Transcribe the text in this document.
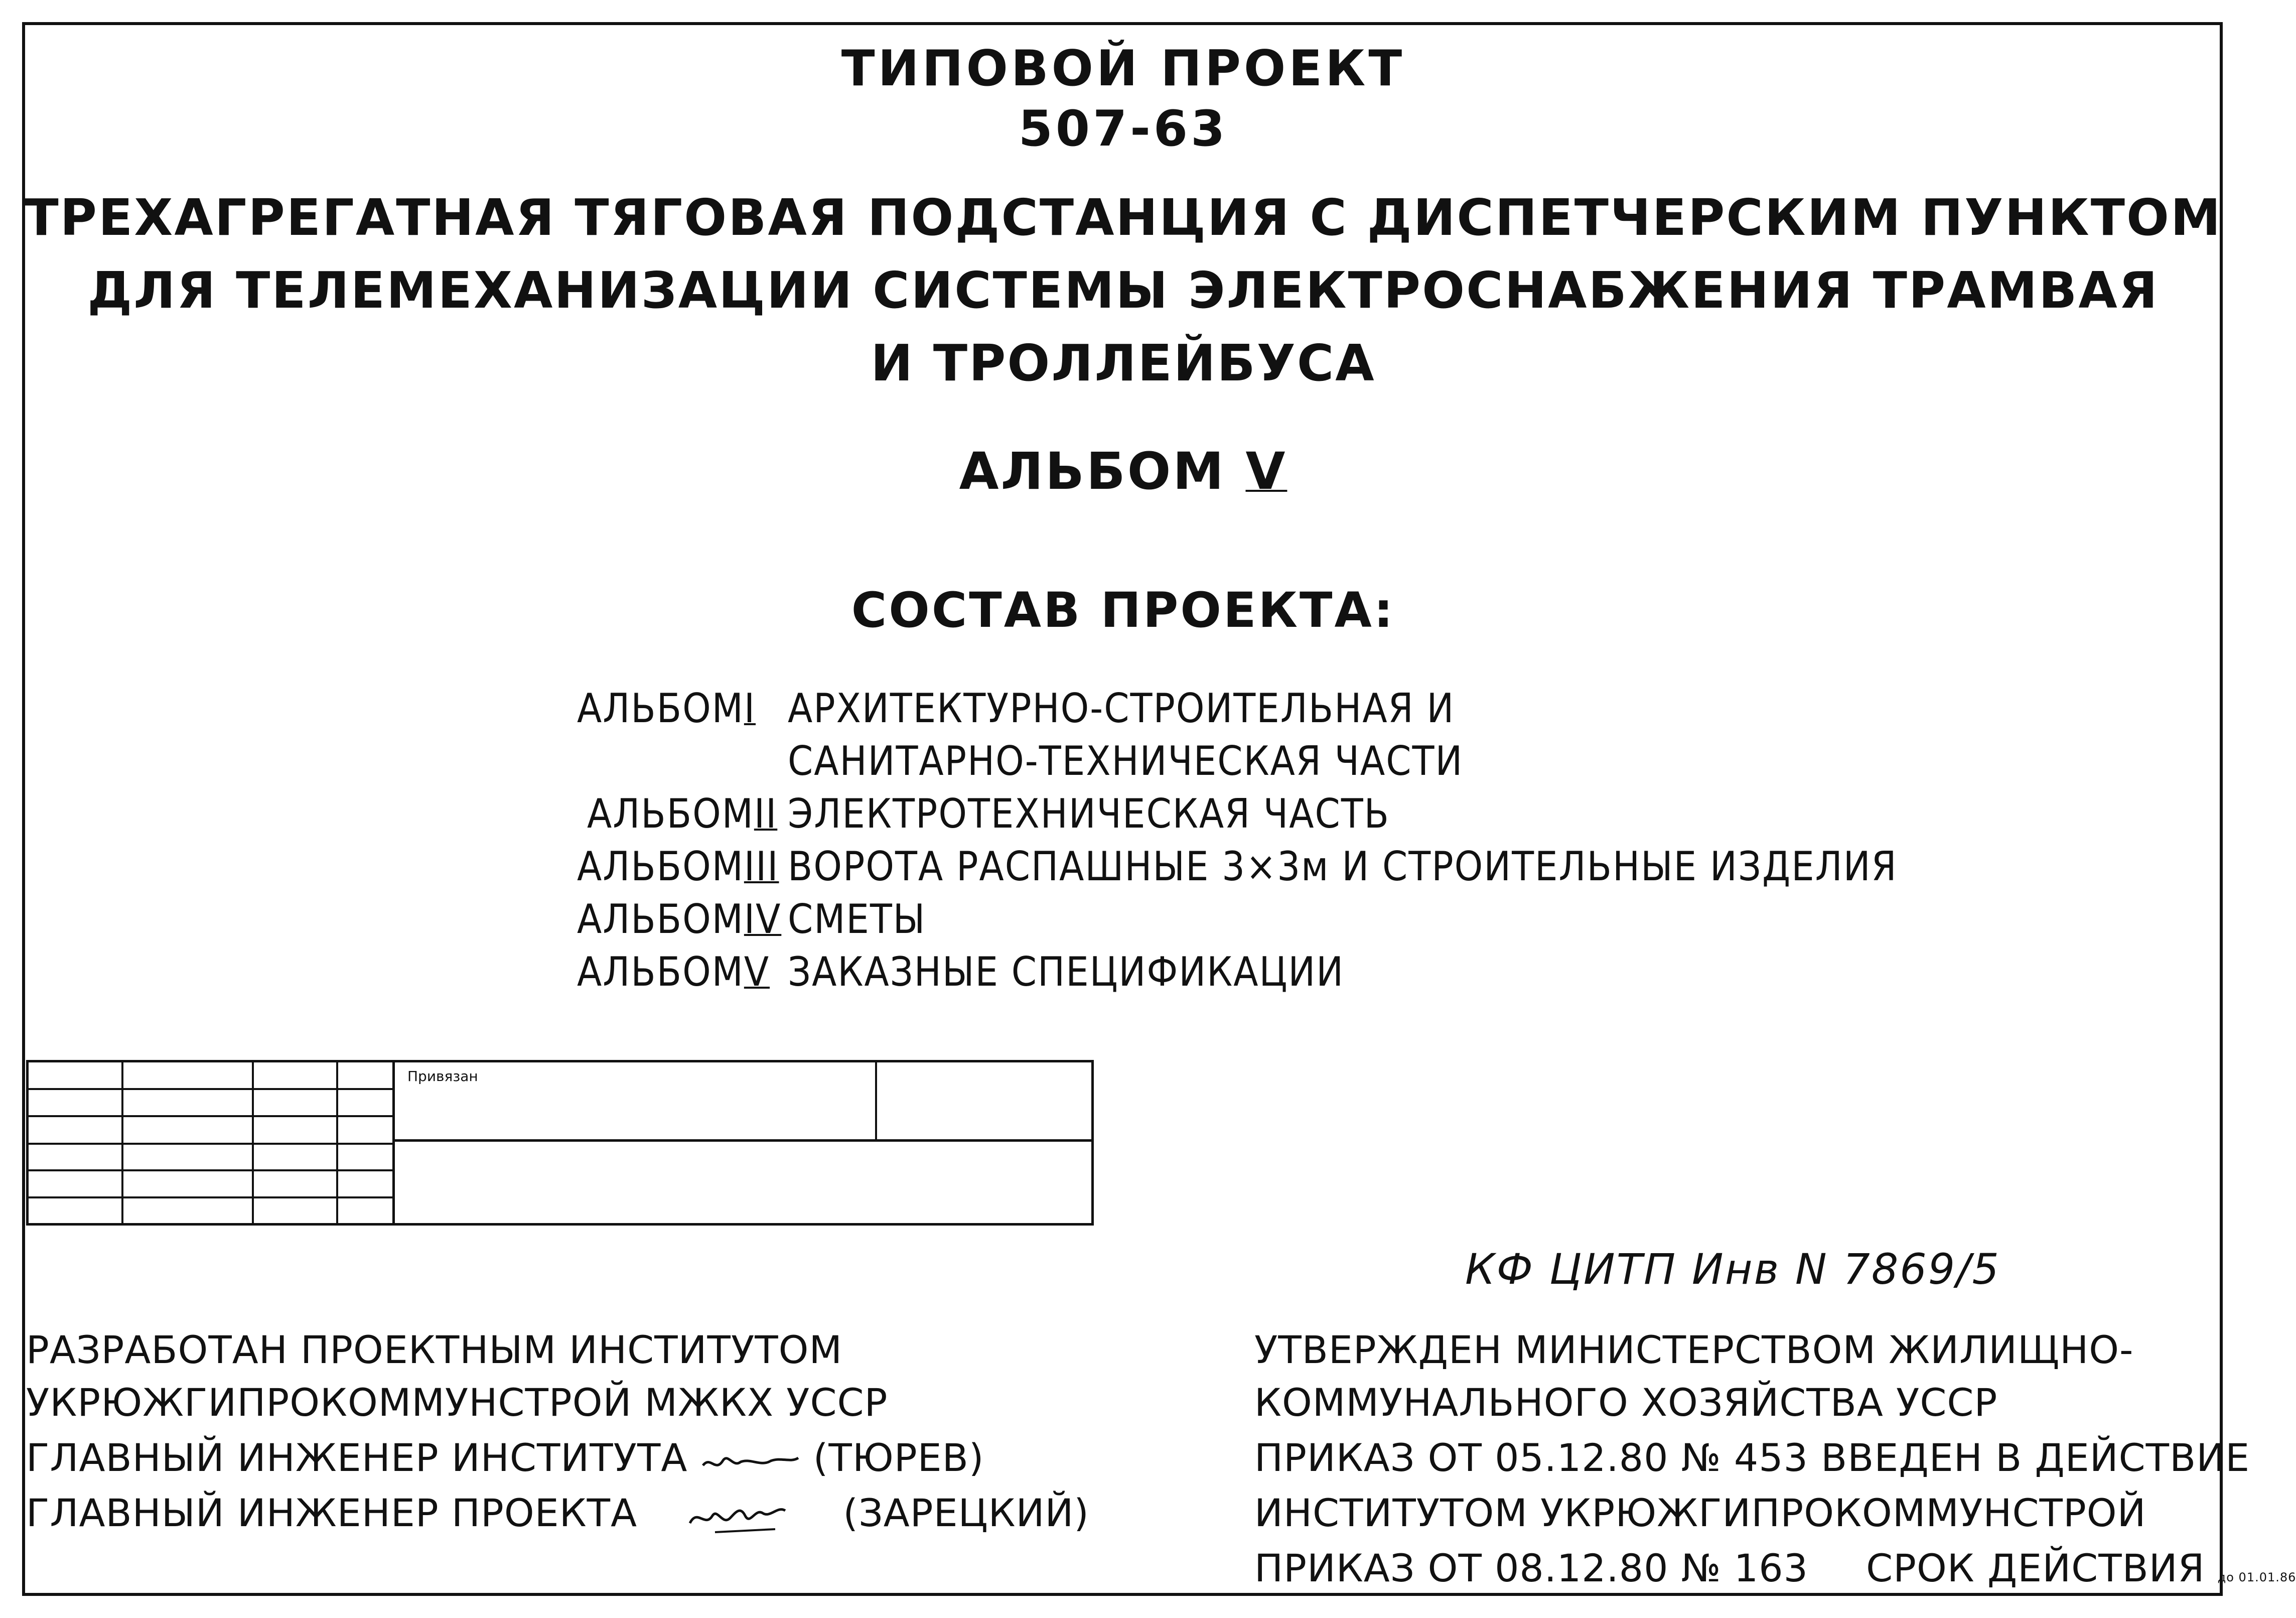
ТИПОВОЙ ПРОЕКТ
507-63
ТРЕХАГРЕГАТНАЯ ТЯГОВАЯ ПОДСТАНЦИЯ С ДИСПЕТЧЕРСКИМ ПУНКТОМ
ДЛЯ ТЕЛЕМЕХАНИЗАЦИИ СИСТЕМЫ ЭЛЕКТРОСНАБЖЕНИЯ ТРАМВАЯ
И ТРОЛЛЕЙБУСА
АЛЬБОМ V
СОСТАВ ПРОЕКТА:
АЛЬБОМI АРХИТЕКТУРНО-СТРОИТЕЛЬНАЯ И
САНИТАРНО-ТЕХНИЧЕСКАЯ ЧАСТИ
АЛЬБОМII ЭЛЕКТРОТЕХНИЧЕСКАЯ ЧАСТЬ
АЛЬБОМIII ВОРОТА РАСПАШНЫЕ 3×3м И СТРОИТЕЛЬНЫЕ ИЗДЕЛИЯ
АЛЬБОМIV СМЕТЫ
АЛЬБОМV ЗАКАЗНЫЕ СПЕЦИФИКАЦИИ
Привязан
КФ ЦИТП Инв N 7869/5
РАЗРАБОТАН ПРОЕКТНЫМ ИНСТИТУТОМ
УКРЮЖГИПРОКОММУНСТРОЙ МЖКХ УССР
ГЛАВНЫЙ ИНЖЕНЕР ИНСТИТУТА	(ТЮРЕВ)
ГЛАВНЫЙ ИНЖЕНЕР ПРОЕКТА	(ЗАРЕЦКИЙ)
УТВЕРЖДЕН МИНИСТЕРСТВОМ ЖИЛИЩНО-
КОММУНАЛЬНОГО ХОЗЯЙСТВА УССР
ПРИКАЗ ОТ 05.12.80 № 453 ВВЕДЕН В ДЕЙСТВИЕ
ИНСТИТУТОМ УКРЮЖГИПРОКОММУНСТРОЙ
ПРИКАЗ ОТ 08.12.80 № 163 СРОК ДЕЙСТВИЯ до 01.01.86
